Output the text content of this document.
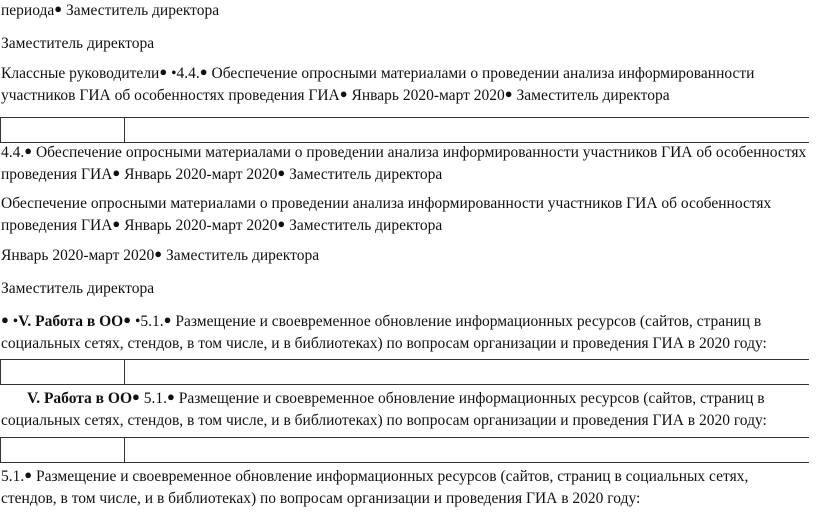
периода● Заместитель директора
Заместитель директора
Классные руководители● •4.4.● Обеспечение опросными материалами о проведении анализа информированности участников ГИА об особенностях проведения ГИА● Январь 2020-март 2020● Заместитель директора
4.4.● Обеспечение опросными материалами о проведении анализа информированности участников ГИА об особенностях проведения ГИА● Январь 2020-март 2020● Заместитель директора
Обеспечение опросными материалами о проведении анализа информированности участников ГИА об особенностях проведения ГИА● Январь 2020-март 2020● Заместитель директора
Январь 2020-март 2020● Заместитель директора
Заместитель директора
● •V. Работа в ОО● •5.1.● Размещение и своевременное обновление информационных ресурсов (сайтов, страниц в социальных сетях, стендов, в том числе, и в библиотеках) по вопросам организации и проведения ГИА в 2020 году:
V. Работа в ОО● 5.1.● Размещение и своевременное обновление информационных ресурсов (сайтов, страниц в социальных сетях, стендов, в том числе, и в библиотеках) по вопросам организации и проведения ГИА в 2020 году:
5.1.● Размещение и своевременное обновление информационных ресурсов (сайтов, страниц в социальных сетях, стендов, в том числе, и в библиотеках) по вопросам организации и проведения ГИА в 2020 году:
